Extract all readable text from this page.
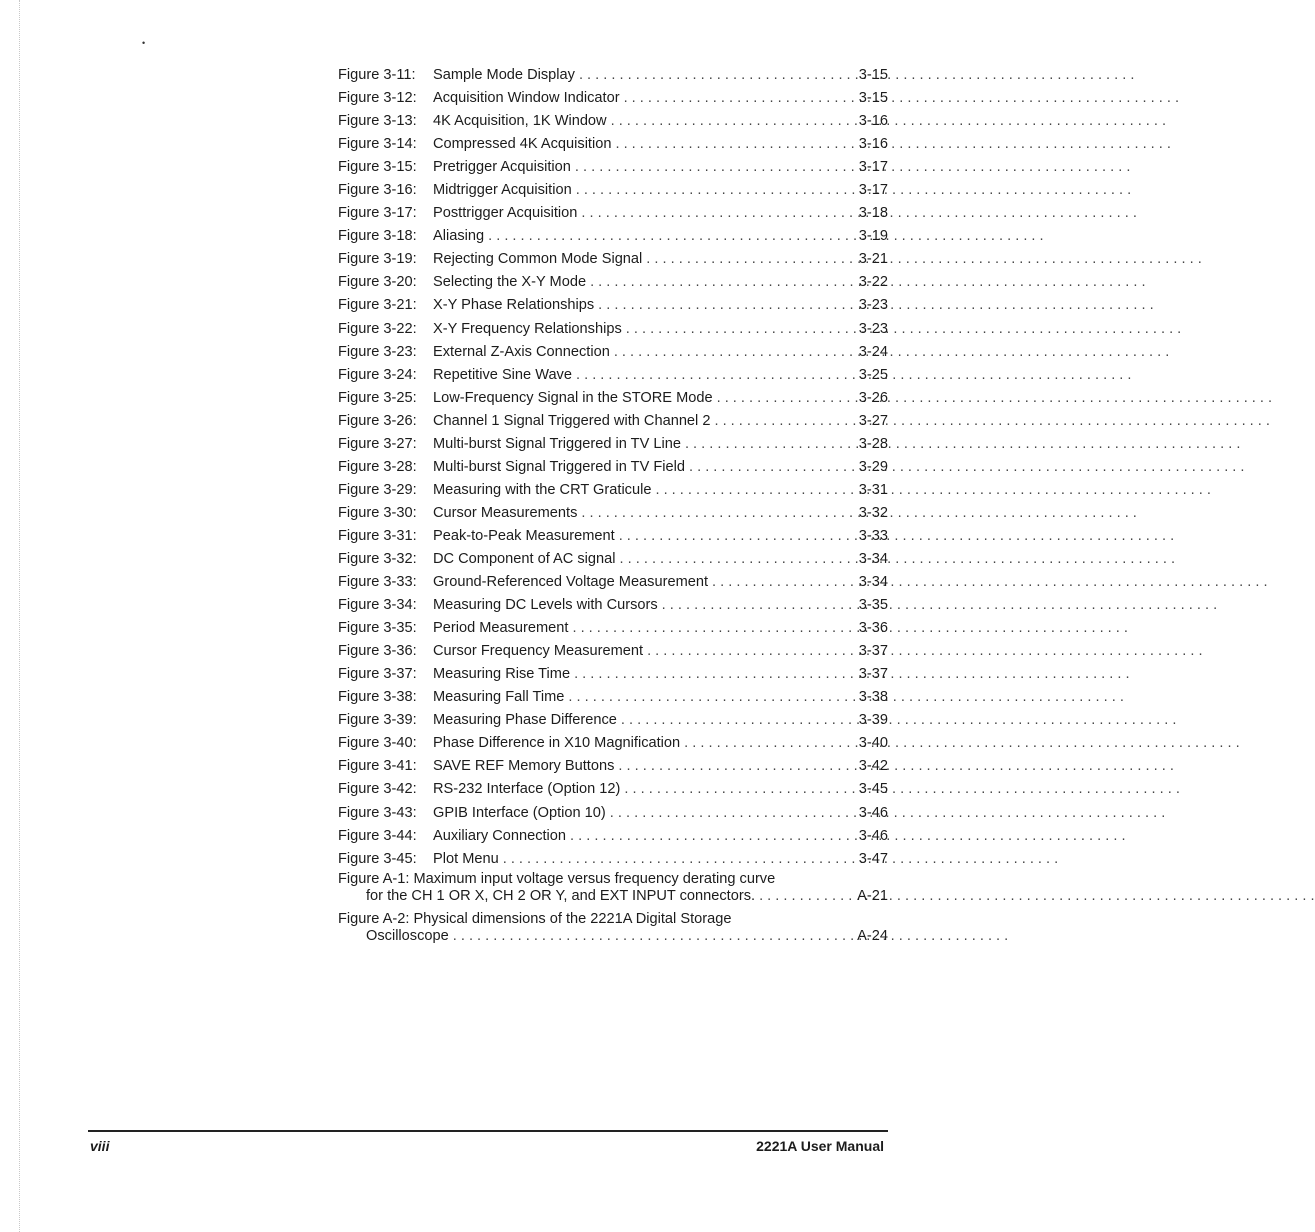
•
Figure 3-11:	Sample Mode Display . . .	3-15
Figure 3-12:	Acquisition Window Indicator . . .	3-15
Figure 3-13:	4K Acquisition, 1K Window . . .	3-16
Figure 3-14:	Compressed 4K Acquisition . . .	3-16
Figure 3-15:	Pretrigger Acquisition . . .	3-17
Figure 3-16:	Midtrigger Acquisition . . .	3-17
Figure 3-17:	Posttrigger Acquisition . . .	3-18
Figure 3-18:	Aliasing . . .	3-19
Figure 3-19:	Rejecting Common Mode Signal . . .	3-21
Figure 3-20:	Selecting the X-Y Mode . . .	3-22
Figure 3-21:	X-Y Phase Relationships . . .	3-23
Figure 3-22:	X-Y Frequency Relationships . . .	3-23
Figure 3-23:	External Z-Axis Connection . . .	3-24
Figure 3-24:	Repetitive Sine Wave . . .	3-25
Figure 3-25:	Low-Frequency Signal in the STORE Mode . . .	3-26
Figure 3-26:	Channel 1 Signal Triggered with Channel 2 . . .	3-27
Figure 3-27:	Multi-burst Signal Triggered in TV Line . . .	3-28
Figure 3-28:	Multi-burst Signal Triggered in TV Field . . .	3-29
Figure 3-29:	Measuring with the CRT Graticule . . .	3-31
Figure 3-30:	Cursor Measurements . . .	3-32
Figure 3-31:	Peak-to-Peak Measurement . . .	3-33
Figure 3-32:	DC Component of AC signal . . .	3-34
Figure 3-33:	Ground-Referenced Voltage Measurement . . .	3-34
Figure 3-34:	Measuring DC Levels with Cursors . . .	3-35
Figure 3-35:	Period Measurement . . .	3-36
Figure 3-36:	Cursor Frequency Measurement . . .	3-37
Figure 3-37:	Measuring Rise Time . . .	3-37
Figure 3-38:	Measuring Fall Time . . .	3-38
Figure 3-39:	Measuring Phase Difference . . .	3-39
Figure 3-40:	Phase Difference in X10 Magnification . . .	3-40
Figure 3-41:	SAVE REF Memory Buttons . . .	3-42
Figure 3-42:	RS-232 Interface (Option 12) . . .	3-45
Figure 3-43:	GPIB Interface (Option 10) . . .	3-46
Figure 3-44:	Auxiliary Connection . . .	3-46
Figure 3-45:	Plot Menu . . .	3-47
Figure A-1: Maximum input voltage versus frequency derating curve
for the CH 1 OR X, CH 2 OR Y, and EXT INPUT connectors. . . .	A-21
Figure A-2: Physical dimensions of the 2221A Digital Storage
Oscilloscope . . .	A-24
viii	2221A User Manual
